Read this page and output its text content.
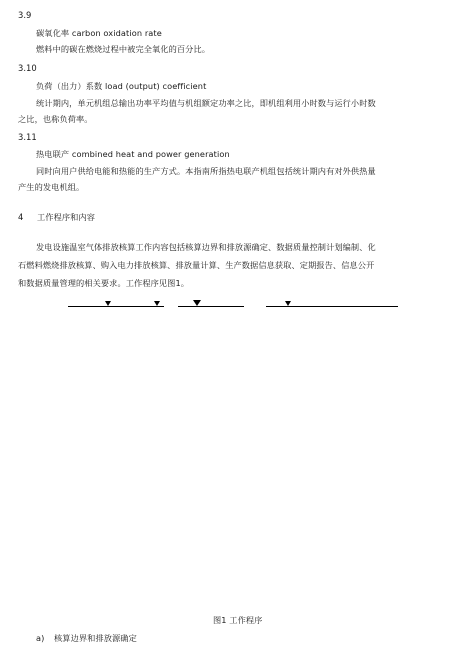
3.9
碳氧化率 carbon oxidation rate
燃料中的碳在燃烧过程中被完全氧化的百分比。
3.10
负荷（出力）系数 load (output) coefficient
统计期内，单元机组总输出功率平均值与机组额定功率之比，即机组利用小时数与运行小时数
之比，也称负荷率。
3.11
热电联产 combined heat and power generation
同时向用户供给电能和热能的生产方式。本指南所指热电联产机组包括统计期内有对外供热量
产生的发电机组。
4 工作程序和内容
发电设施温室气体排放核算工作内容包括核算边界和排放源确定、数据质量控制计划编制、化
石燃料燃烧排放核算、购入电力排放核算、排放量计算、生产数据信息获取、定期报告、信息公开
和数据质量管理的相关要求。工作程序见图1。
图1 工作程序
a) 核算边界和排放源确定
